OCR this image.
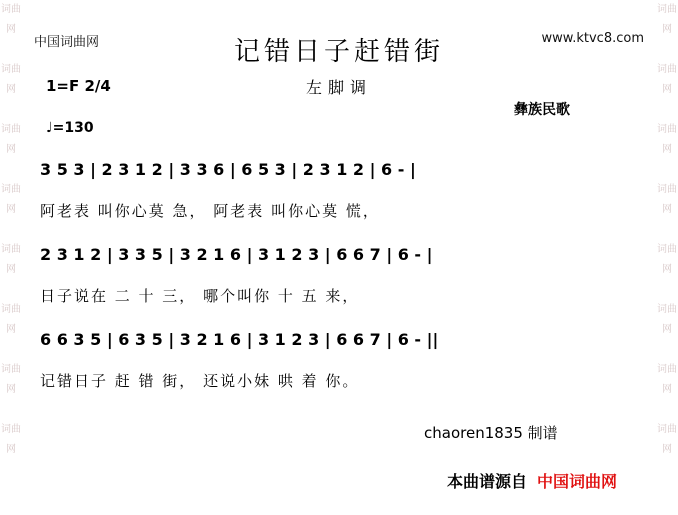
词曲网
词曲网
词曲网
词曲网
词曲网
词曲网
词曲网
词曲网
词曲网
词曲网
词曲网
词曲网
词曲网
词曲网
词曲网
词曲网
中国词曲网	www.ktvc8.com
记错日子赶错街
左脚调
1=F 2/4
彝族民歌
♩=130
3 5 3 | 2 3 1 2 | 3 3 6 | 6 5 3 | 2 3 1 2 | 6 - |
阿老表 叫你心莫 急， 阿老表 叫你心莫 慌，
2 3 1 2 | 3 3 5 | 3 2 1 6 | 3 1 2 3 | 6 6 7 | 6 - |
日子说在 二 十 三， 哪个叫你 十 五 来，
6 6 3 5 | 6 3 5 | 3 2 1 6 | 3 1 2 3 | 6 6 7 | 6 - ||
记错日子 赶 错 街， 还说小妹 哄 着 你。
chaoren1835 制谱
本曲谱源自 中国词曲网
